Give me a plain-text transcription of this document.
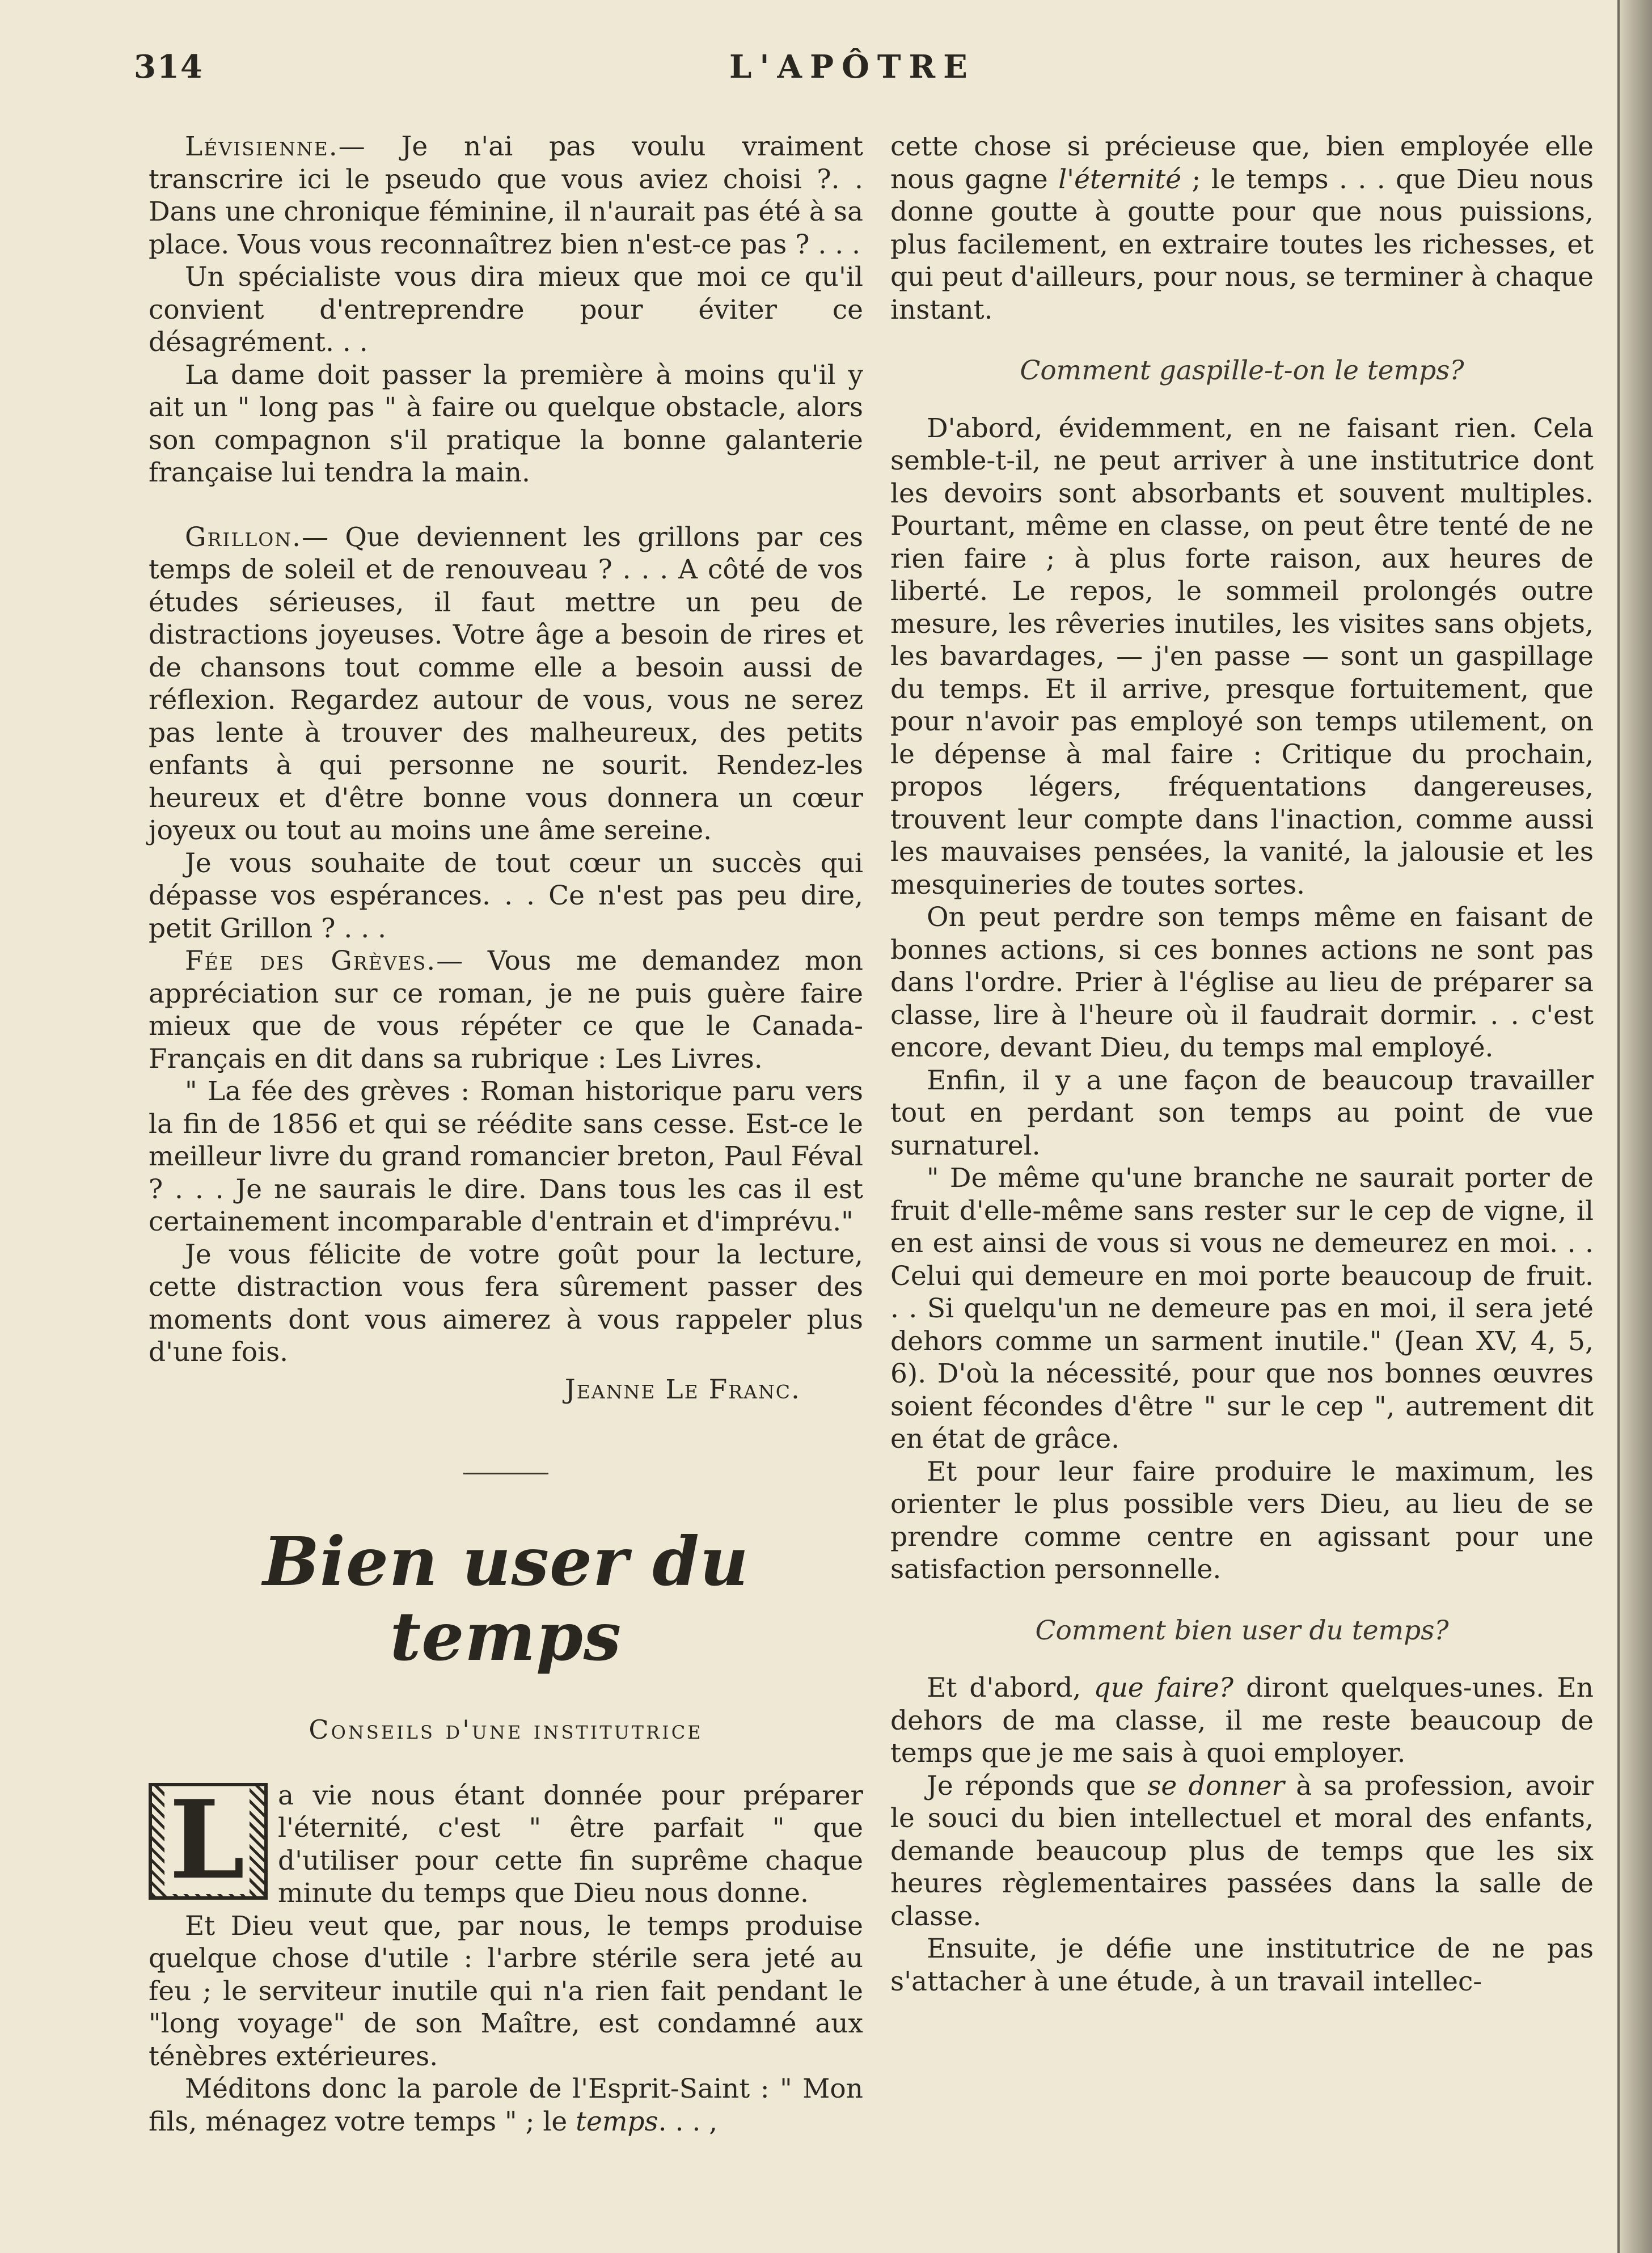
314	L'APÔTRE

Lévisienne.— Je n'ai pas voulu vraiment transcrire ici le pseudo que vous aviez choisi ?. . Dans une chronique féminine, il n'aurait pas été à sa place. Vous vous reconnaîtrez bien n'est-ce pas ? . . .

Un spécialiste vous dira mieux que moi ce qu'il convient d'entreprendre pour éviter ce désagrément. . .

La dame doit passer la première à moins qu'il y ait un " long pas " à faire ou quelque obstacle, alors son compagnon s'il pratique la bonne galanterie française lui tendra la main.

Grillon.— Que deviennent les grillons par ces temps de soleil et de renouveau ? . . . A côté de vos études sérieuses, il faut mettre un peu de distractions joyeuses. Votre âge a besoin de rires et de chansons tout comme elle a besoin aussi de réflexion. Regardez autour de vous, vous ne serez pas lente à trouver des malheureux, des petits enfants à qui personne ne sourit. Rendez-les heureux et d'être bonne vous donnera un cœur joyeux ou tout au moins une âme sereine.

Je vous souhaite de tout cœur un succès qui dépasse vos espérances. . . Ce n'est pas peu dire, petit Grillon ? . . .

Fée des Grèves.— Vous me demandez mon appréciation sur ce roman, je ne puis guère faire mieux que de vous répéter ce que le Canada-Français en dit dans sa rubrique : Les Livres.

" La fée des grèves : Roman historique paru vers la fin de 1856 et qui se réédite sans cesse. Est-ce le meilleur livre du grand romancier breton, Paul Féval ? . . . Je ne saurais le dire. Dans tous les cas il est certainement incomparable d'entrain et d'imprévu."

Je vous félicite de votre goût pour la lecture, cette distraction vous fera sûrement passer des moments dont vous aimerez à vous rappeler plus d'une fois.

Jeanne Le Franc.

Bien user du temps
Conseils d'une institutrice

L a vie nous étant donnée pour préparer l'éternité, c'est " être parfait " que d'utiliser pour cette fin suprême chaque minute du temps que Dieu nous donne.

Et Dieu veut que, par nous, le temps produise quelque chose d'utile : l'arbre stérile sera jeté au feu ; le serviteur inutile qui n'a rien fait pendant le "long voyage" de son Maître, est condamné aux ténèbres extérieures.

Méditons donc la parole de l'Esprit-Saint : " Mon fils, ménagez votre temps " ; le temps. . . ,

cette chose si précieuse que, bien employée elle nous gagne l'éternité ; le temps . . . que Dieu nous donne goutte à goutte pour que nous puissions, plus facilement, en extraire toutes les richesses, et qui peut d'ailleurs, pour nous, se terminer à chaque instant.

Comment gaspille-t-on le temps?

D'abord, évidemment, en ne faisant rien. Cela semble-t-il, ne peut arriver à une institutrice dont les devoirs sont absorbants et souvent multiples. Pourtant, même en classe, on peut être tenté de ne rien faire ; à plus forte raison, aux heures de liberté. Le repos, le sommeil prolongés outre mesure, les rêveries inutiles, les visites sans objets, les bavardages, — j'en passe — sont un gaspillage du temps. Et il arrive, presque fortuitement, que pour n'avoir pas employé son temps utilement, on le dépense à mal faire : Critique du prochain, propos légers, fréquentations dangereuses, trouvent leur compte dans l'inaction, comme aussi les mauvaises pensées, la vanité, la jalousie et les mesquineries de toutes sortes.

On peut perdre son temps même en faisant de bonnes actions, si ces bonnes actions ne sont pas dans l'ordre. Prier à l'église au lieu de préparer sa classe, lire à l'heure où il faudrait dormir. . . c'est encore, devant Dieu, du temps mal employé.

Enfin, il y a une façon de beaucoup travailler tout en perdant son temps au point de vue surnaturel.

" De même qu'une branche ne saurait porter de fruit d'elle-même sans rester sur le cep de vigne, il en est ainsi de vous si vous ne demeurez en moi. . . Celui qui demeure en moi porte beaucoup de fruit. . . Si quelqu'un ne demeure pas en moi, il sera jeté dehors comme un sarment inutile." (Jean XV, 4, 5, 6). D'où la nécessité, pour que nos bonnes œuvres soient fécondes d'être " sur le cep ", autrement dit en état de grâce.

Et pour leur faire produire le maximum, les orienter le plus possible vers Dieu, au lieu de se prendre comme centre en agissant pour une satisfaction personnelle.

Comment bien user du temps?

Et d'abord, que faire? diront quelques-unes. En dehors de ma classe, il me reste beaucoup de temps que je me sais à quoi employer.

Je réponds que se donner à sa profession, avoir le souci du bien intellectuel et moral des enfants, demande beaucoup plus de temps que les six heures règlementaires passées dans la salle de classe.

Ensuite, je défie une institutrice de ne pas s'attacher à une étude, à un travail intellec-
